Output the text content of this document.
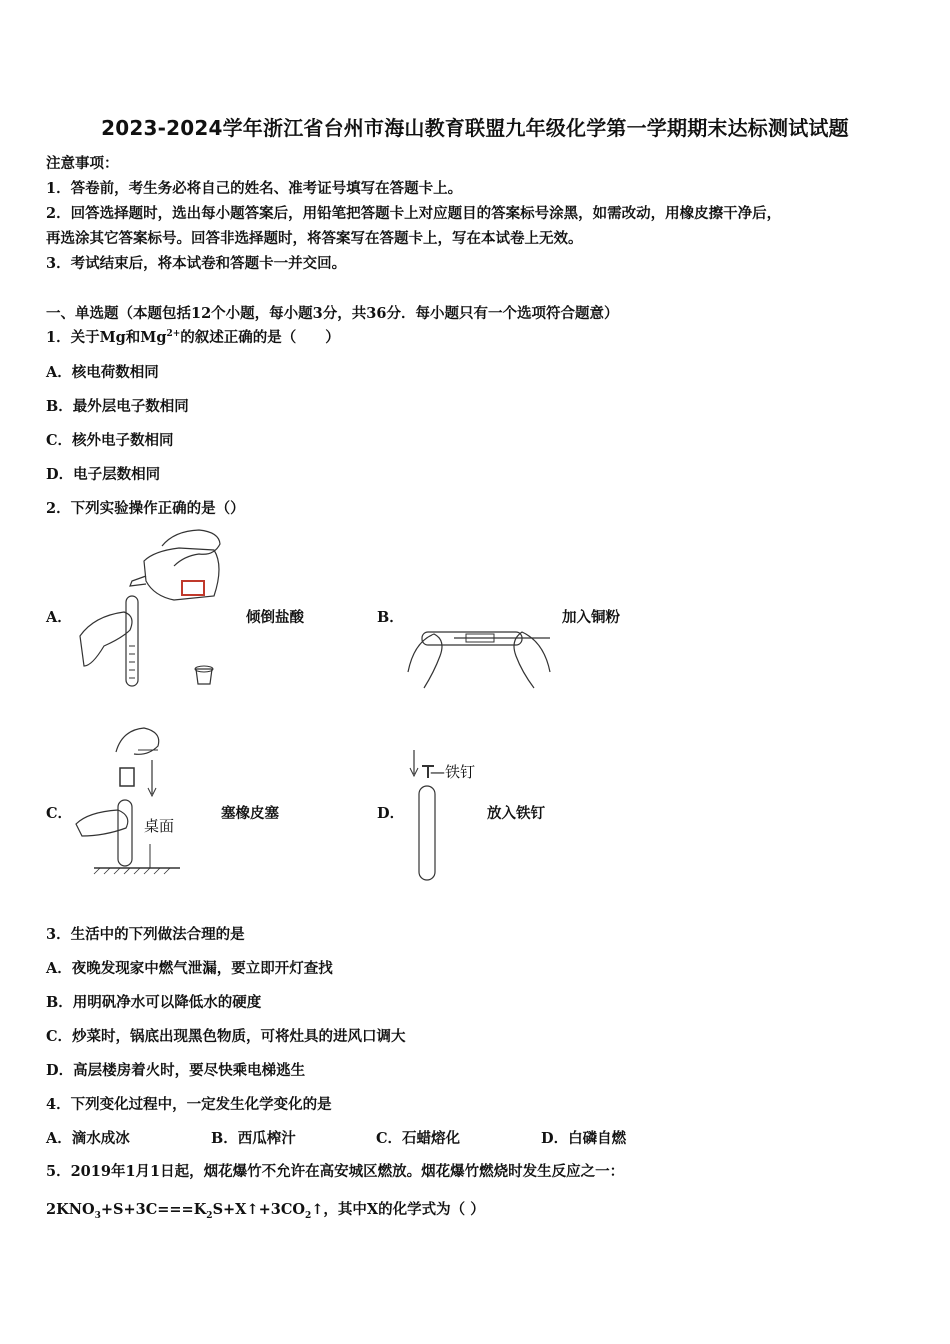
2023-2024学年浙江省台州市海山教育联盟九年级化学第一学期期末达标测试试题
注意事项：
1．答卷前，考生务必将自己的姓名、准考证号填写在答题卡上。
2．回答选择题时，选出每小题答案后，用铅笔把答题卡上对应题目的答案标号涂黑，如需改动，用橡皮擦干净后，
再选涂其它答案标号。回答非选择题时，将答案写在答题卡上，写在本试卷上无效。
3．考试结束后，将本试卷和答题卡一并交回。
一、单选题（本题包括12个小题，每小题3分，共36分．每小题只有一个选项符合题意）
1．关于Mg和$Mg^{2+}$的叙述正确的是（　　）
A．核电荷数相同
B．最外层电子数相同
C．核外电子数相同
D．电子层数相同
2．下列实验操作正确的是（）
A．	倾倒盐酸	B．	加入铜粉
C．
桌面
塞橡皮塞	D．
—铁钉
放入铁钉
3．生活中的下列做法合理的是
A．夜晚发现家中燃气泄漏，要立即开灯查找
B．用明矾净水可以降低水的硬度
C．炒菜时，锅底出现黑色物质，可将灶具的进风口调大
D．高层楼房着火时，要尽快乘电梯逃生
4．下列变化过程中，一定发生化学变化的是
A．滴水成冰	B．西瓜榨汁	C．石蜡熔化	D．白磷自燃
5．2019年1月1日起，烟花爆竹不允许在高安城区燃放。烟花爆竹燃烧时发生反应之一：
$2KNO_3+S+3C===K_2S+X↑+3CO_2↑$，其中X的化学式为（ ）
